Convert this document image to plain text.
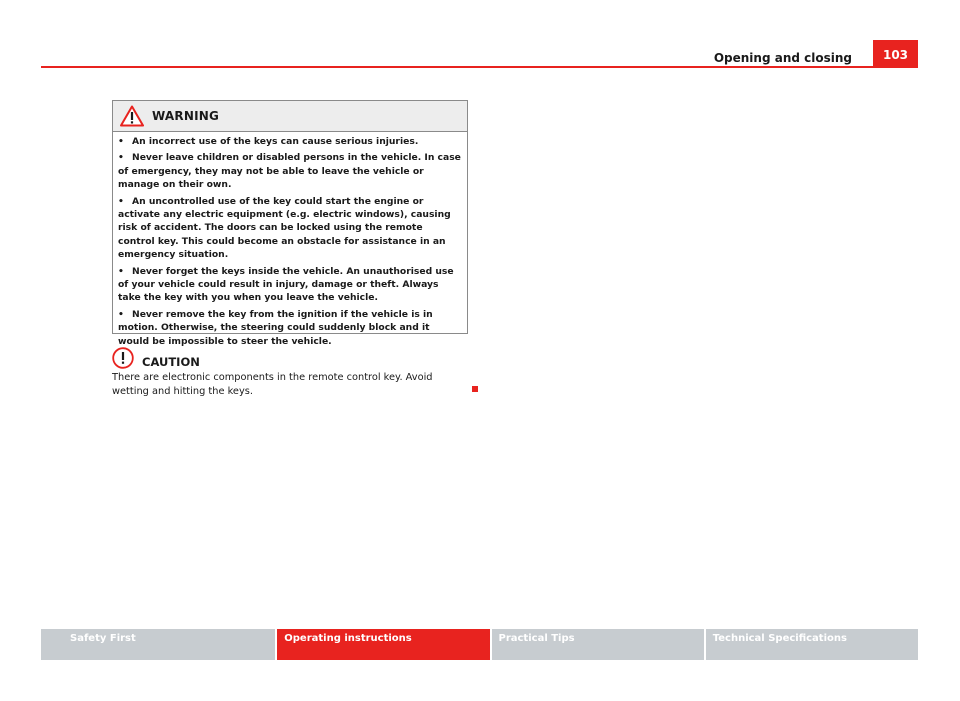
Opening and closing	103
WARNING
• An incorrect use of the keys can cause serious injuries.
• Never leave children or disabled persons in the vehicle. In case of emergency, they may not be able to leave the vehicle or manage on their own.
• An uncontrolled use of the key could start the engine or activate any electric equipment (e.g. electric windows), causing risk of accident. The doors can be locked using the remote control key. This could become an obstacle for assistance in an emergency situation.
• Never forget the keys inside the vehicle. An unauthorised use of your vehicle could result in injury, damage or theft. Always take the key with you when you leave the vehicle.
• Never remove the key from the ignition if the vehicle is in motion. Otherwise, the steering could suddenly block and it would be impossible to steer the vehicle.
CAUTION

There are electronic components in the remote control key. Avoid wetting and hitting the keys.

Safety First	Operating instructions	Practical Tips	Technical Specifications
